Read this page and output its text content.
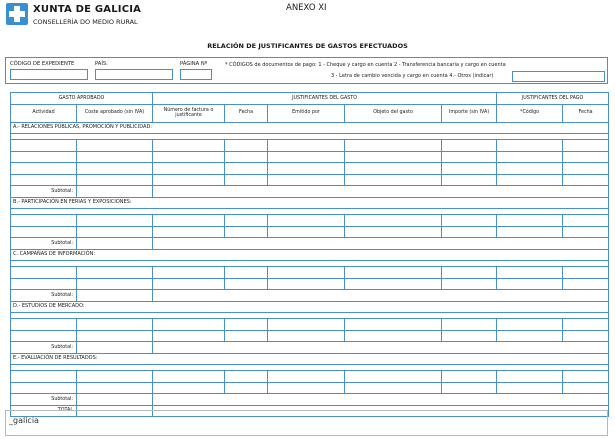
XUNTA DE GALICIA
CONSELLERÍA DO MEDIO RURAL
ANEXO XI
RELACIÓN DE JUSTIFICANTES DE GASTOS EFECTUADOS
CÓDIGO DE EXPEDIENTE	PAÍS:	PÁGINA Nº	* CÓDIGOS de documentos de pago: 1 - Cheque y cargo en cuenta 2 - Transferencia bancaria y cargo en cuenta
3 - Letra de cambio vencida y cargo en cuenta 4.- Otros (indicar)
GASTO APROBADO		JUSTIFICANTES DEL GASTO					JUSTIFICANTES DEL PAGO	
Actividad	Coste aprobado (sin IVA)	Número de factura o justificante	Fecha	Emitido por	Objeto del gasto	Importe (sin IVA)	*Código	Fecha
A.- RELACIONES PÚBLICAS, PROMOCIÓN Y PUBLICIDAD:								

Subtotal:								
B.- PARTICIPACIÓN EN FERIAS Y EXPOSICIONES:								

Subtotal:								
C. CAMPAÑAS DE INFORMACIÓN:								

Subtotal:								
D.- ESTUDIOS DE MERCADO:								

Subtotal:								
E.- EVALUACIÓN DE RESULTADOS:								

Subtotal:								
TOTAL								
_galicia
